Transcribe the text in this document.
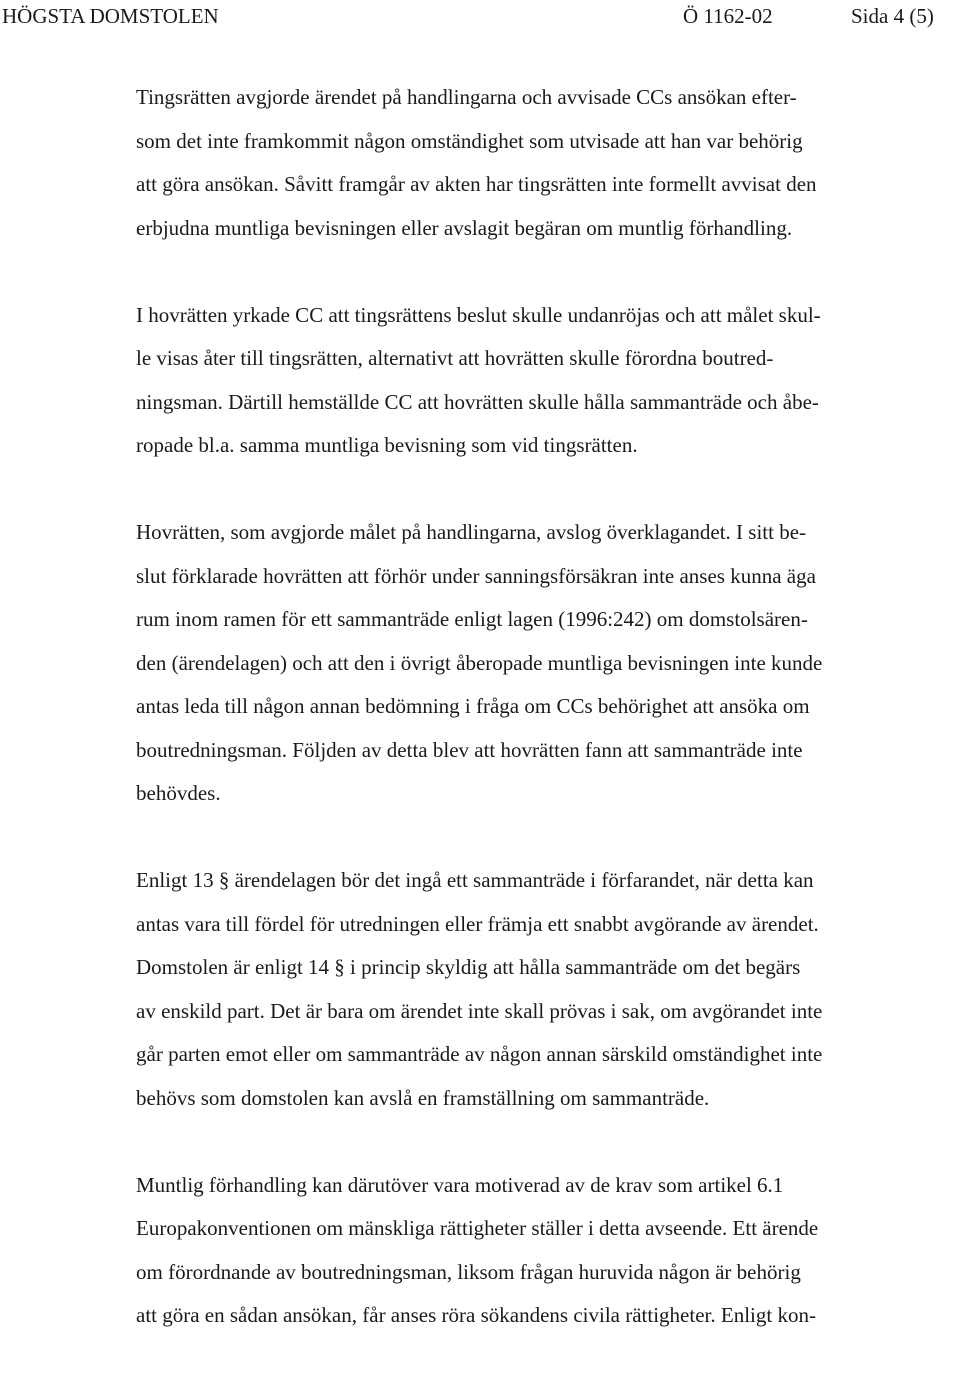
HÖGSTA DOMSTOLEN	Ö 1162-02	Sida 4 (5)
Tingsrätten avgjorde ärendet på handlingarna och avvisade CCs ansökan efter-
som det inte framkommit någon omständighet som utvisade att han var behörig
att göra ansökan. Såvitt framgår av akten har tingsrätten inte formellt avvisat den
erbjudna muntliga bevisningen eller avslagit begäran om muntlig förhandling.
I hovrätten yrkade CC att tingsrättens beslut skulle undanröjas och att målet skul-
le visas åter till tingsrätten, alternativt att hovrätten skulle förordna boutred-
ningsman. Därtill hemställde CC att hovrätten skulle hålla sammanträde och åbe-
ropade bl.a. samma muntliga bevisning som vid tingsrätten.
Hovrätten, som avgjorde målet på handlingarna, avslog överklagandet. I sitt be-
slut förklarade hovrätten att förhör under sanningsförsäkran inte anses kunna äga
rum inom ramen för ett sammanträde enligt lagen (1996:242) om domstolsären-
den (ärendelagen) och att den i övrigt åberopade muntliga bevisningen inte kunde
antas leda till någon annan bedömning i fråga om CCs behörighet att ansöka om
boutredningsman. Följden av detta blev att hovrätten fann att sammanträde inte
behövdes.
Enligt 13 § ärendelagen bör det ingå ett sammanträde i förfarandet, när detta kan
antas vara till fördel för utredningen eller främja ett snabbt avgörande av ärendet.
Domstolen är enligt 14 § i princip skyldig att hålla sammanträde om det begärs
av enskild part. Det är bara om ärendet inte skall prövas i sak, om avgörandet inte
går parten emot eller om sammanträde av någon annan särskild omständighet inte
behövs som domstolen kan avslå en framställning om sammanträde.
Muntlig förhandling kan därutöver vara motiverad av de krav som artikel 6.1
Europakonventionen om mänskliga rättigheter ställer i detta avseende. Ett ärende
om förordnande av boutredningsman, liksom frågan huruvida någon är behörig
att göra en sådan ansökan, får anses röra sökandens civila rättigheter. Enligt kon-
